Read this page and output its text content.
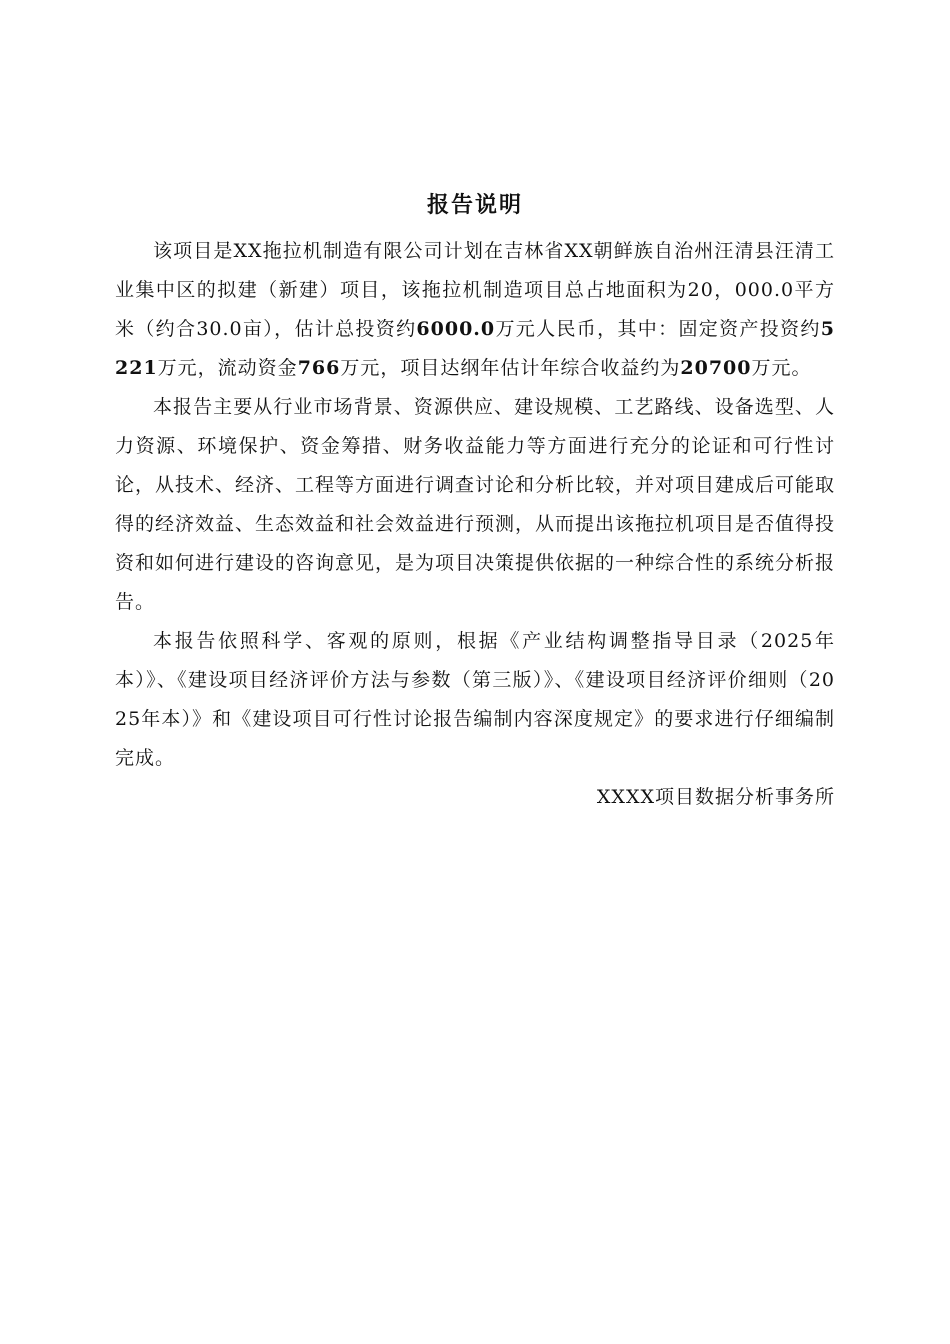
报告说明

该项目是XX拖拉机制造有限公司计划在吉林省XX朝鲜族自治州汪清县汪清工业集中区的拟建（新建）项目，该拖拉机制造项目总占地面积为20，000.0平方米（约合30.0亩），估计总投资约6000.0万元人民币，其中：固定资产投资约5221万元，流动资金766万元，项目达纲年估计年综合收益约为20700万元。

本报告主要从行业市场背景、资源供应、建设规模、工艺路线、设备选型、人力资源、环境保护、资金筹措、财务收益能力等方面进行充分的论证和可行性讨论，从技术、经济、工程等方面进行调查讨论和分析比较，并对项目建成后可能取得的经济效益、生态效益和社会效益进行预测，从而提出该拖拉机项目是否值得投资和如何进行建设的咨询意见，是为项目决策提供依据的一种综合性的系统分析报告。

本报告依照科学、客观的原则，根据《产业结构调整指导目录（2025年本）》、《建设项目经济评价方法与参数（第三版）》、《建设项目经济评价细则（2025年本）》和《建设项目可行性讨论报告编制内容深度规定》的要求进行仔细编制完成。

XXXX项目数据分析事务所
